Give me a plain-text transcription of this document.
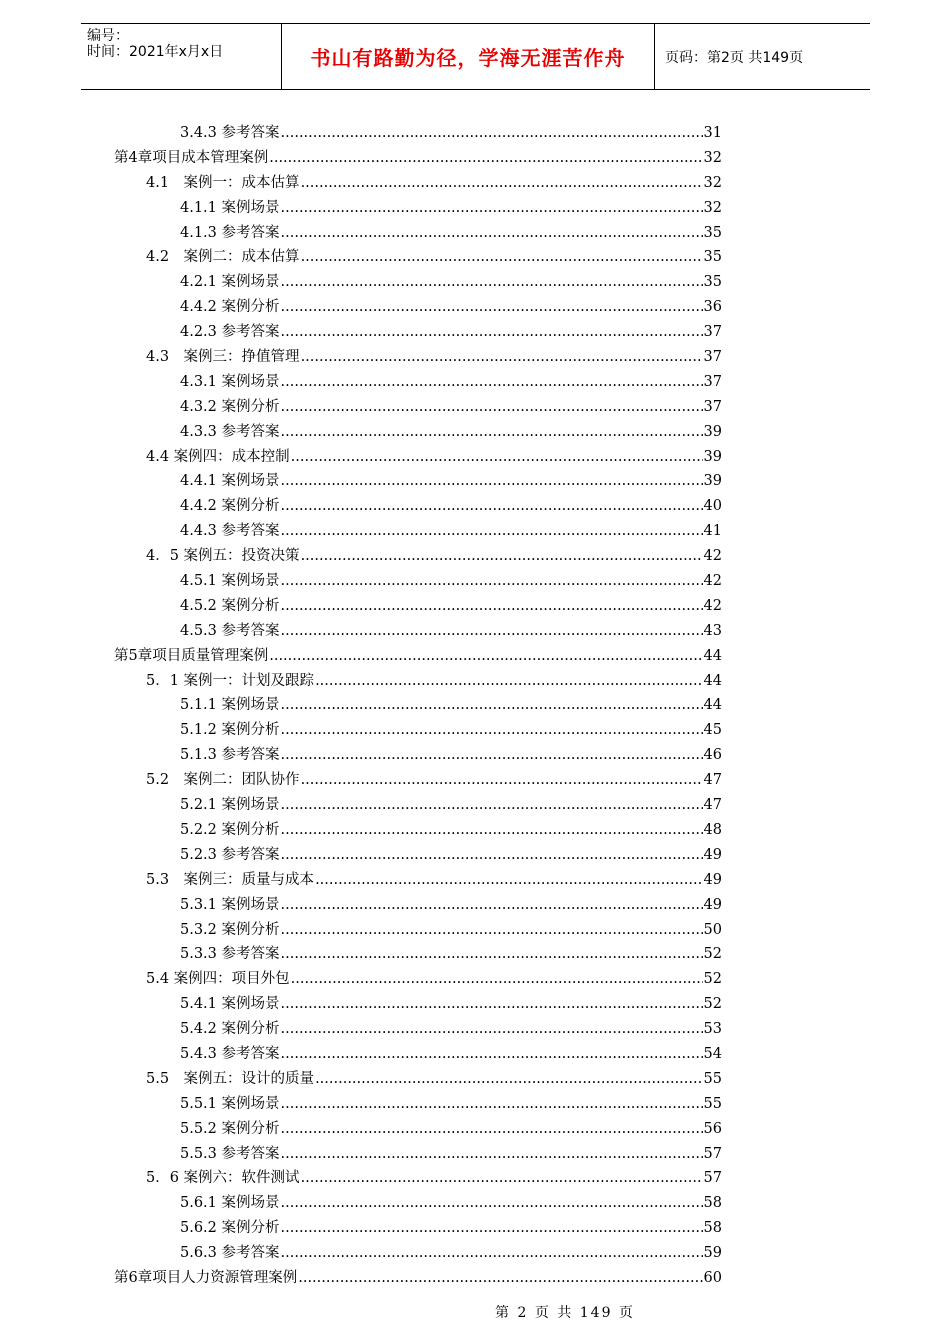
编号：
时间：2021年x月x日	书山有路勤为径，学海无涯苦作舟	页码：第2页 共149页
3.4.3 参考答案 .....	31
第4章项目成本管理案例 .....	32
4.1　案例一：成本估算 .....	32
4.1.1 案例场景 .....	32
4.1.3 参考答案 .....	35
4.2　案例二：成本估算 .....	35
4.2.1 案例场景 .....	35
4.4.2 案例分析 .....	36
4.2.3 参考答案 .....	37
4.3　案例三：挣值管理 .....	37
4.3.1 案例场景 .....	37
4.3.2 案例分析 .....	37
4.3.3 参考答案 .....	39
4.4 案例四：成本控制 .....	39
4.4.1 案例场景 .....	39
4.4.2 案例分析 .....	40
4.4.3 参考答案 .....	41
4．5 案例五：投资决策 .....	42
4.5.1 案例场景 .....	42
4.5.2 案例分析 .....	42
4.5.3 参考答案 .....	43
第5章项目质量管理案例 .....	44
5．1 案例一：计划及跟踪 .....	44
5.1.1 案例场景 .....	44
5.1.2 案例分析 .....	45
5.1.3 参考答案 .....	46
5.2　案例二：团队协作 .....	47
5.2.1 案例场景 .....	47
5.2.2 案例分析 .....	48
5.2.3 参考答案 .....	49
5.3　案例三：质量与成本 .....	49
5.3.1 案例场景 .....	49
5.3.2 案例分析 .....	50
5.3.3 参考答案 .....	52
5.4 案例四：项目外包 .....	52
5.4.1 案例场景 .....	52
5.4.2 案例分析 .....	53
5.4.3 参考答案 .....	54
5.5　案例五：设计的质量 .....	55
5.5.1 案例场景 .....	55
5.5.2 案例分析 .....	56
5.5.3 参考答案 .....	57
5．6 案例六：软件测试 .....	57
5.6.1 案例场景 .....	58
5.6.2 案例分析 .....	58
5.6.3 参考答案 .....	59
第6章项目人力资源管理案例 .....	60
第 2 页 共 149 页
